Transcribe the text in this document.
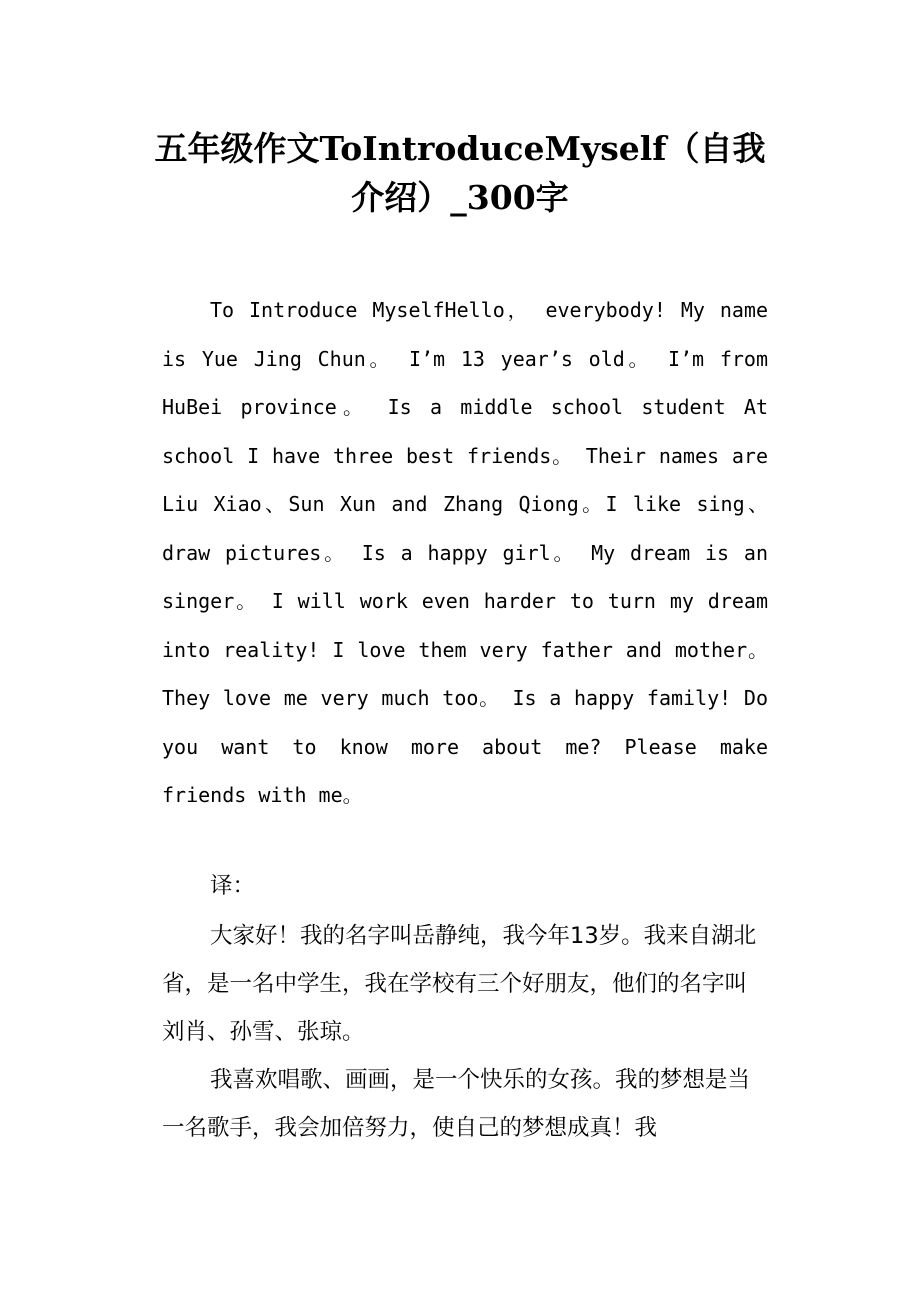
五年级作文ToIntroduceMyself（自我介绍）_300字
To Introduce MyselfHello， everybody! My name is Yue Jing Chun。 I’m 13 year’s old。 I’m from HuBei province。 Is a middle school student At school I have three best friends。 Their names are Liu Xiao、Sun Xun and Zhang Qiong。I like sing、draw pictures。 Is a happy girl。 My dream is an singer。 I will work even harder to turn my dream into reality! I love them very father and mother。 They love me very much too。 Is a happy family! Do you want to know more about me? Please make friends with me。
译：
大家好！我的名字叫岳静纯，我今年13岁。我来自湖北省，是一名中学生，我在学校有三个好朋友，他们的名字叫刘肖、孙雪、张琼。
我喜欢唱歌、画画，是一个快乐的女孩。我的梦想是当一名歌手，我会加倍努力，使自己的梦想成真！我
